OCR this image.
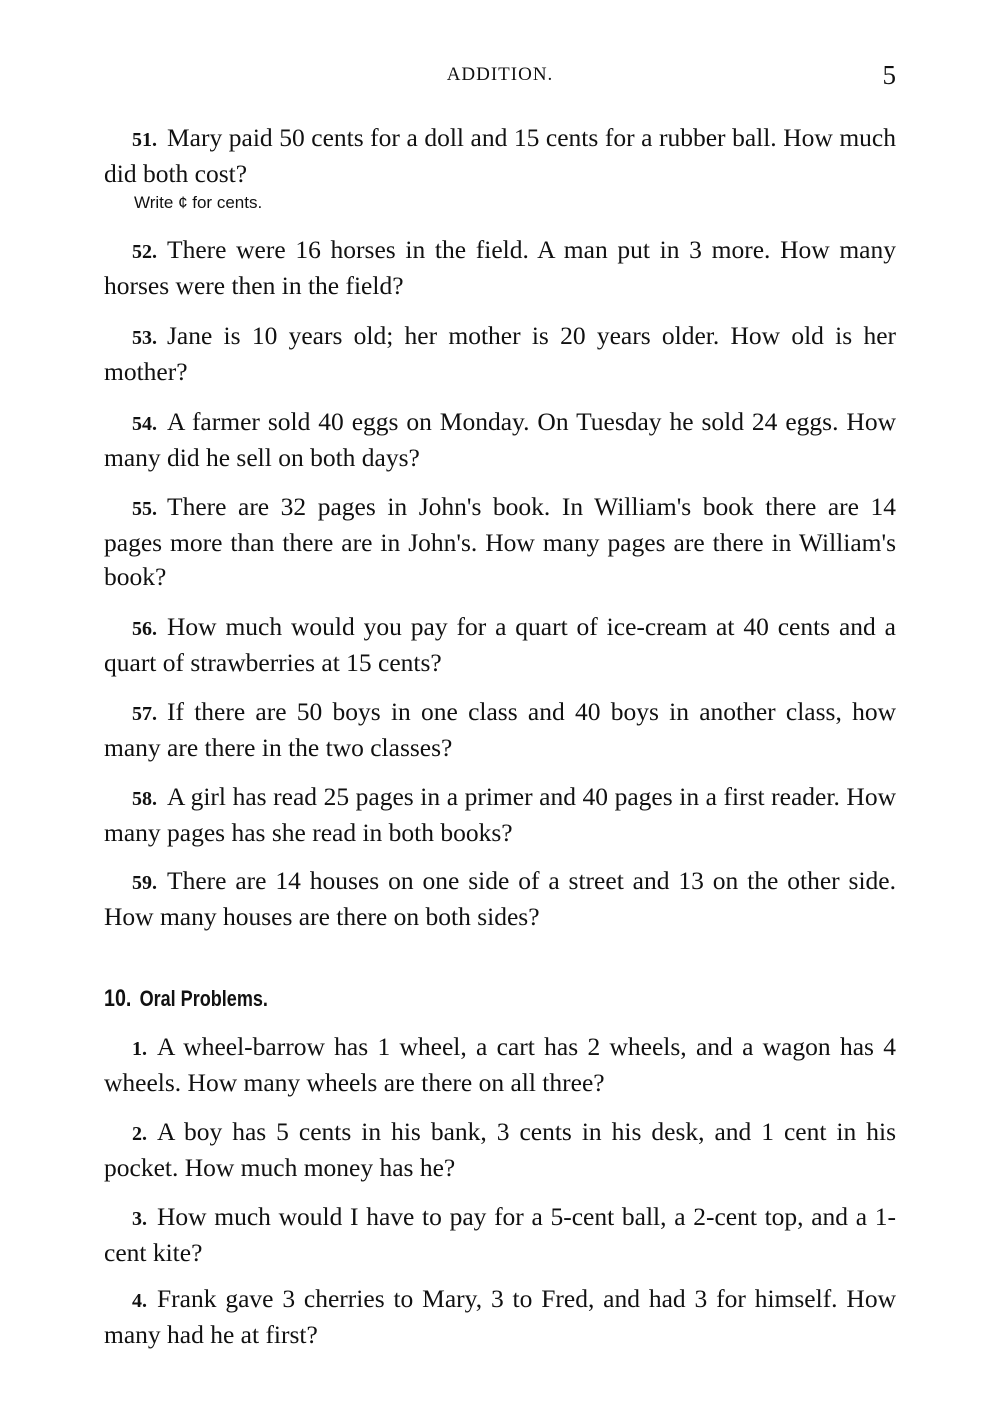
ADDITION.	5
51. Mary paid 50 cents for a doll and 15 cents for a rubber ball. How much did both cost?
Write ¢ for cents.
52. There were 16 horses in the field. A man put in 3 more. How many horses were then in the field?
53. Jane is 10 years old; her mother is 20 years older. How old is her mother?
54. A farmer sold 40 eggs on Monday. On Tuesday he sold 24 eggs. How many did he sell on both days?
55. There are 32 pages in John's book. In William's book there are 14 pages more than there are in John's. How many pages are there in William's book?
56. How much would you pay for a quart of ice-cream at 40 cents and a quart of strawberries at 15 cents?
57. If there are 50 boys in one class and 40 boys in another class, how many are there in the two classes?
58. A girl has read 25 pages in a primer and 40 pages in a first reader. How many pages has she read in both books?
59. There are 14 houses on one side of a street and 13 on the other side. How many houses are there on both sides?
10. Oral Problems.
1. A wheel-barrow has 1 wheel, a cart has 2 wheels, and a wagon has 4 wheels. How many wheels are there on all three?
2. A boy has 5 cents in his bank, 3 cents in his desk, and 1 cent in his pocket. How much money has he?
3. How much would I have to pay for a 5-cent ball, a 2-cent top, and a 1-cent kite?
4. Frank gave 3 cherries to Mary, 3 to Fred, and had 3 for himself. How many had he at first?
